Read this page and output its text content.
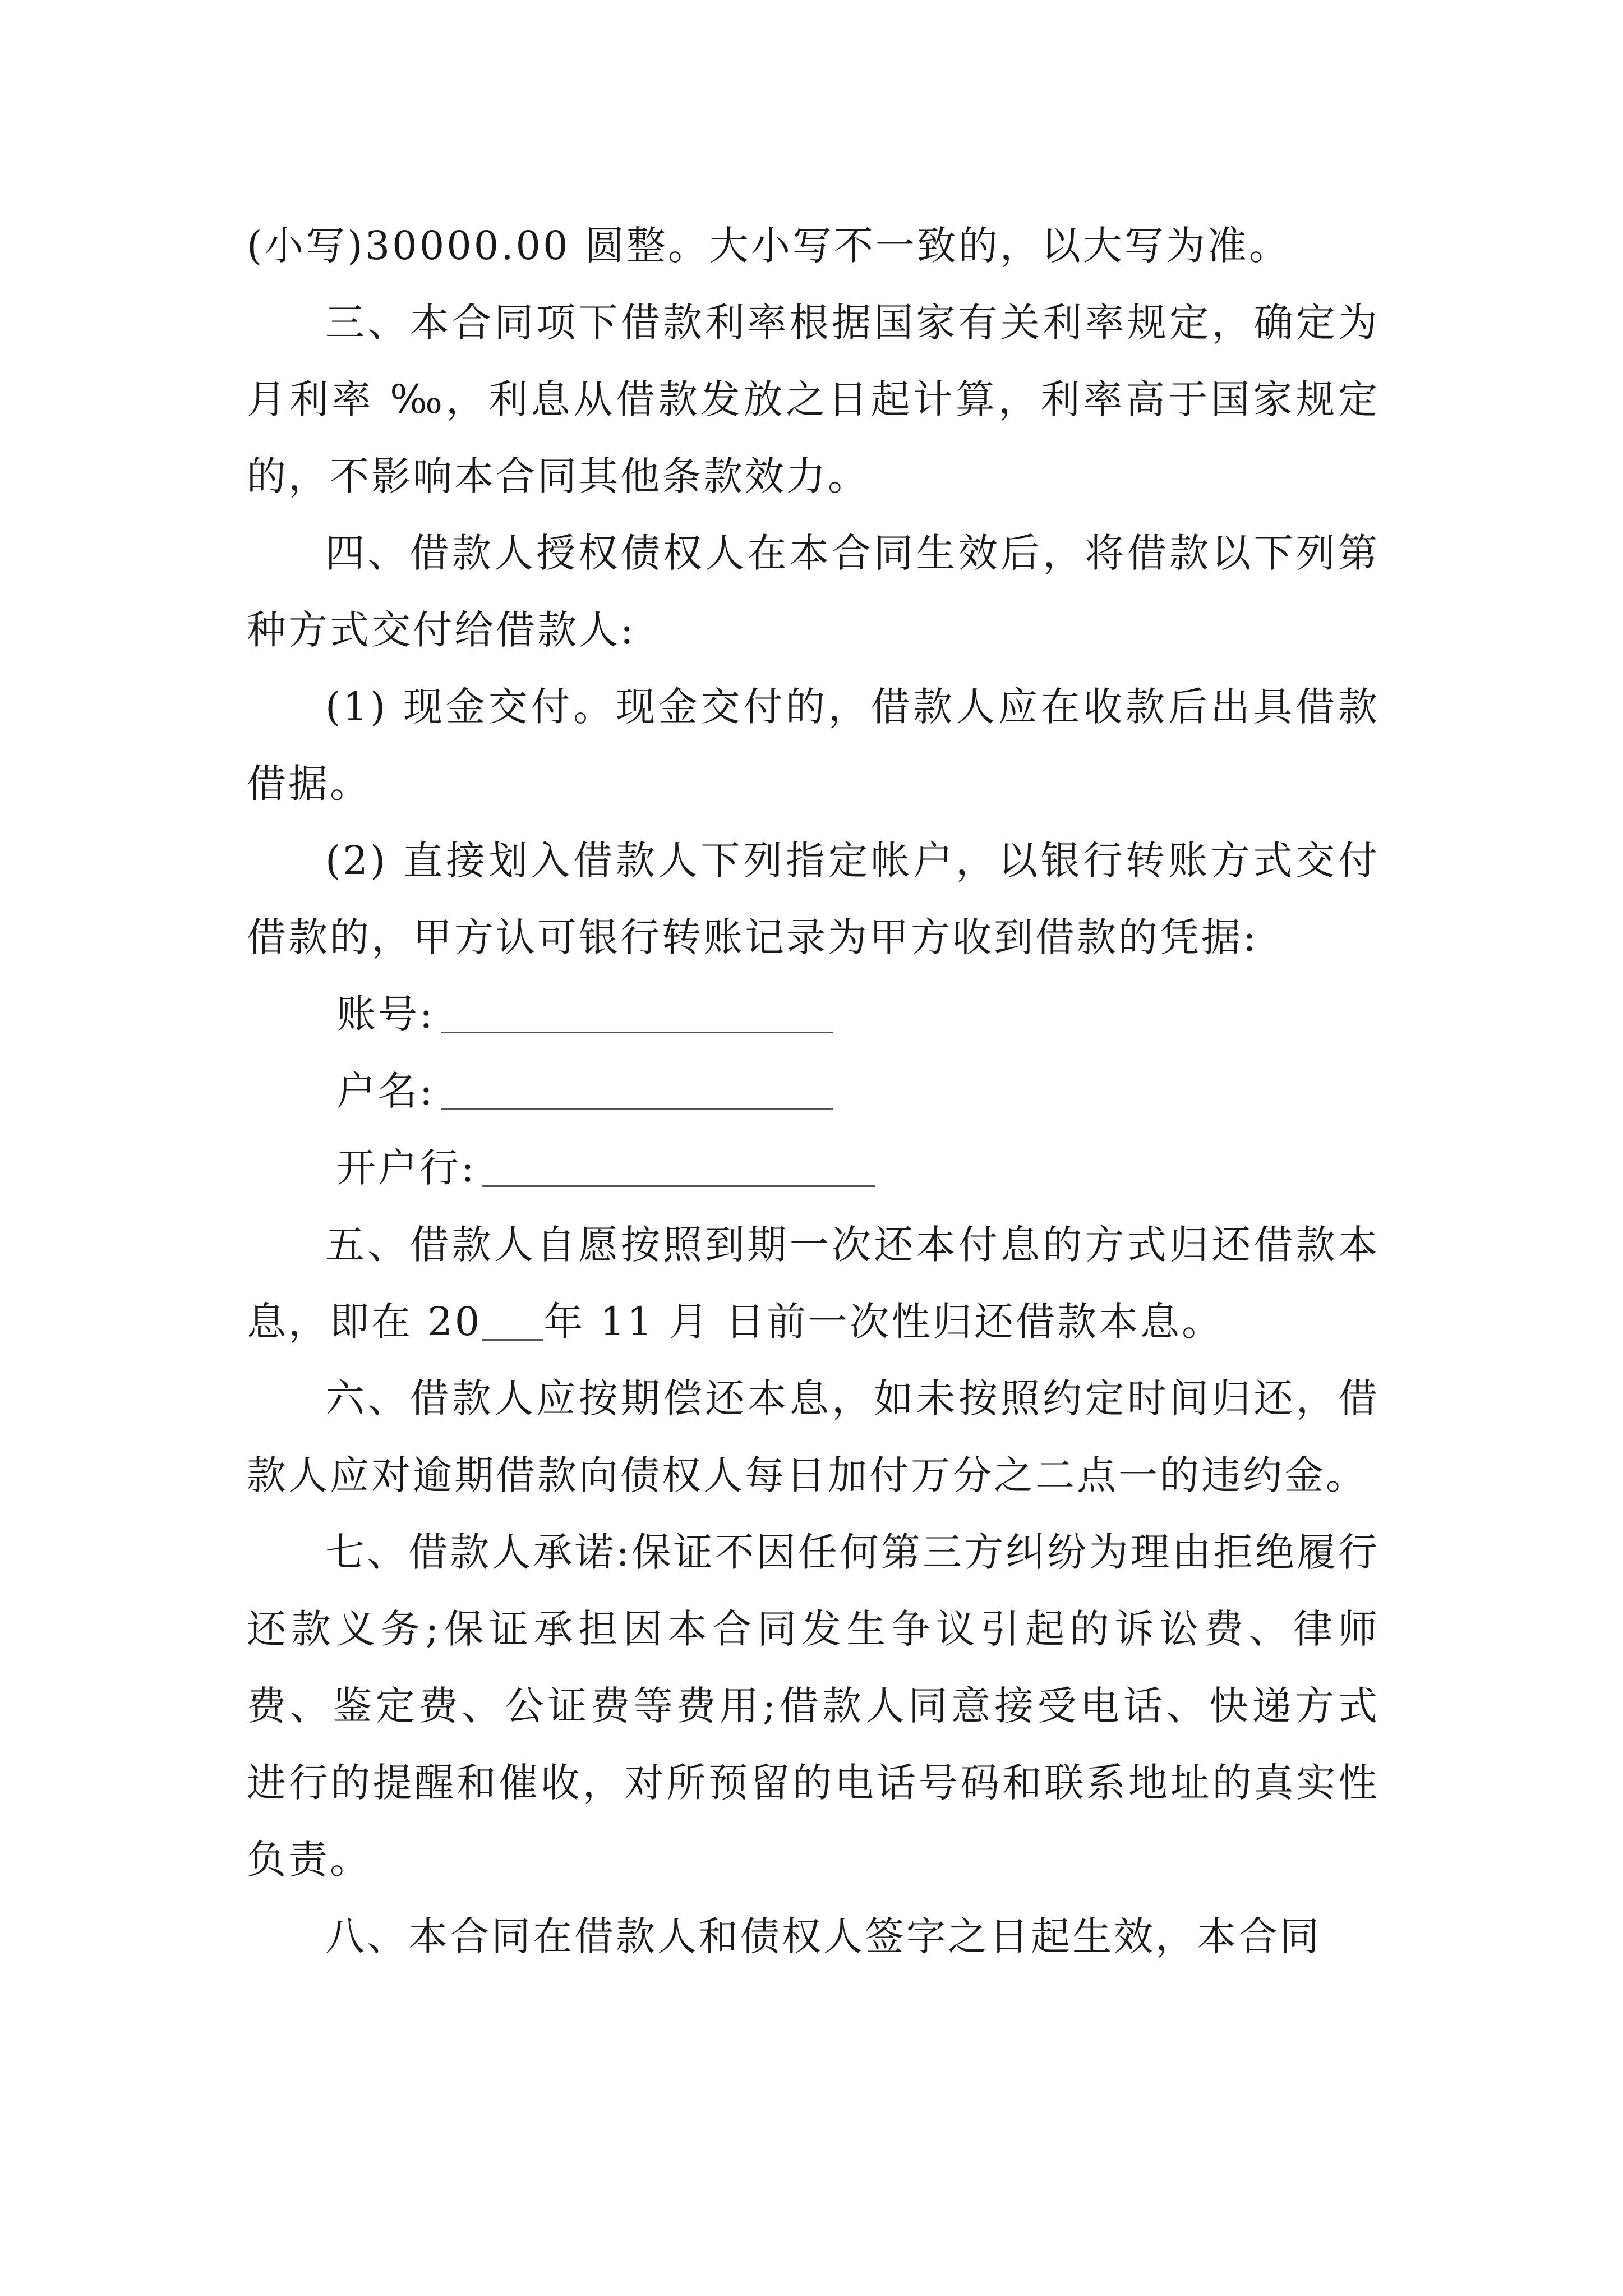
(小写)30000.00 圆整。大小写不一致的，以大写为准。

三、本合同项下借款利率根据国家有关利率规定，确定为月利率 ‰，利息从借款发放之日起计算，利率高于国家规定的，不影响本合同其他条款效力。

四、借款人授权债权人在本合同生效后，将借款以下列第 种方式交付给借款人:

(1) 现金交付。现金交付的，借款人应在收款后出具借款借据。

(2) 直接划入借款人下列指定帐户，以银行转账方式交付借款的，甲方认可银行转账记录为甲方收到借款的凭据:

账号:

户名:

开户行:

五、借款人自愿按照到期一次还本付息的方式归还借款本息，即在 20 年 11 月 日前一次性归还借款本息。

六、借款人应按期偿还本息，如未按照约定时间归还，借款人应对逾期借款向债权人每日加付万分之二点一的违约金。

七、借款人承诺:保证不因任何第三方纠纷为理由拒绝履行还款义务;保证承担因本合同发生争议引起的诉讼费、律师费、鉴定费、公证费等费用;借款人同意接受电话、快递方式进行的提醒和催收，对所预留的电话号码和联系地址的真实性负责。

八、本合同在借款人和债权人签字之日起生效，本合同
